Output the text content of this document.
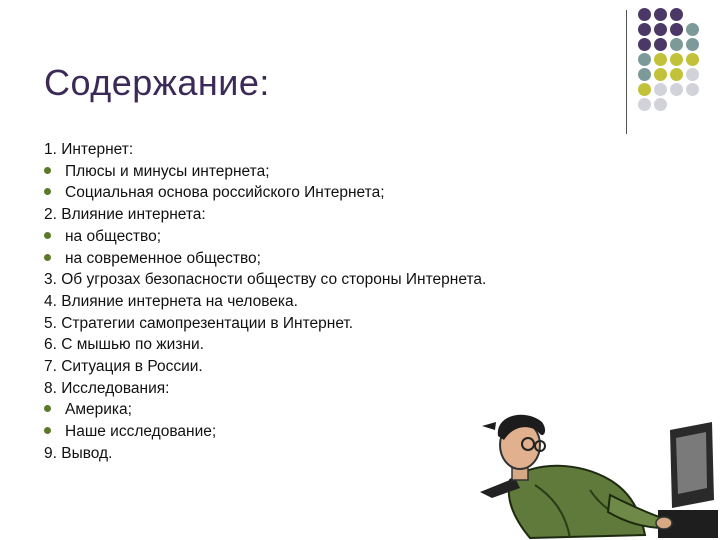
Содержание:
1. Интернет:
Плюсы и минусы интернета;
Социальная основа российского Интернета;
2. Влияние интернета:
на общество;
на современное общество;
3. Об угрозах безопасности обществу со стороны Интернета.
4. Влияние интернета на человека.
5. Стратегии самопрезентации в Интернет.
6. С мышью по жизни.
7. Ситуация в России.
8. Исследования:
Америка;
Наше исследование;
9. Вывод.
